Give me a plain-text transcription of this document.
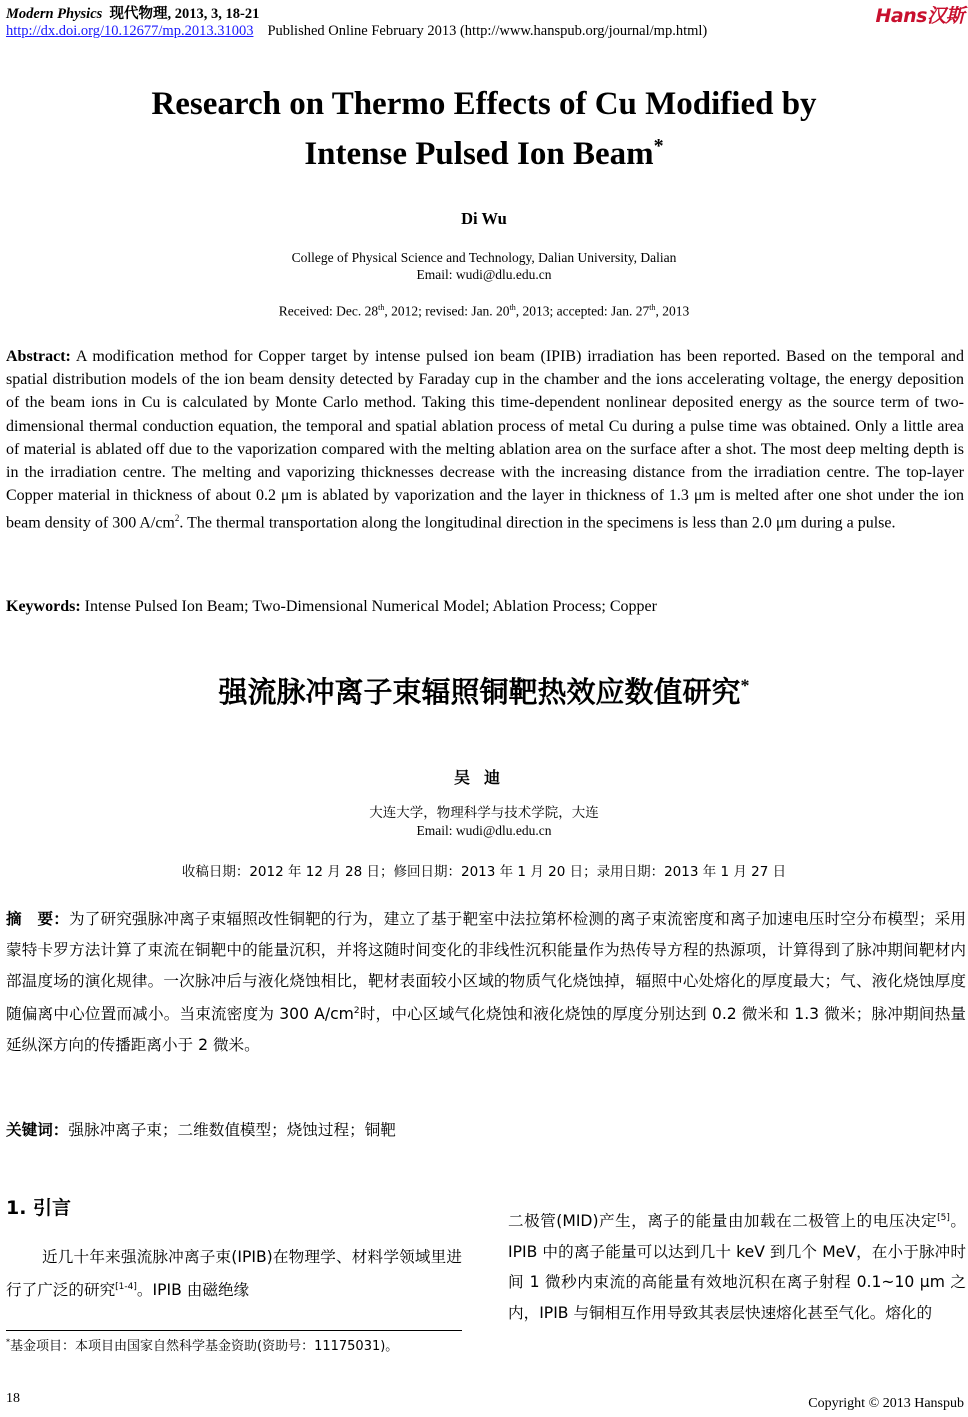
Modern Physics 现代物理, 2013, 3, 18-21	Hans汉斯
http://dx.doi.org/10.12677/mp.2013.31003 Published Online February 2013 (http://www.hanspub.org/journal/mp.html)
Research on Thermo Effects of Cu Modified by
Intense Pulsed Ion Beam*
Di Wu
College of Physical Science and Technology, Dalian University, Dalian
Email: wudi@dlu.edu.cn
Received: Dec. 28th, 2012; revised: Jan. 20th, 2013; accepted: Jan. 27th, 2013
Abstract: A modification method for Copper target by intense pulsed ion beam (IPIB) irradiation has been reported. Based on the temporal and spatial distribution models of the ion beam density detected by Faraday cup in the chamber and the ions accelerating voltage, the energy deposition of the beam ions in Cu is calculated by Monte Carlo method. Taking this time-dependent nonlinear deposited energy as the source term of two-dimensional thermal conduction equation, the temporal and spatial ablation process of metal Cu during a pulse time was obtained. Only a little area of material is ablated off due to the vaporization compared with the melting ablation area on the surface after a shot. The most deep melting depth is in the irradiation centre. The melting and vaporizing thicknesses decrease with the increasing distance from the irradiation centre. The top-layer Copper material in thickness of about 0.2 μm is ablated by vaporization and the layer in thickness of 1.3 μm is melted after one shot under the ion beam density of 300 $A/cm^2$. The thermal transportation along the longitudinal direction in the specimens is less than 2.0 μm during a pulse.
Keywords: Intense Pulsed Ion Beam; Two-Dimensional Numerical Model; Ablation Process; Copper
强流脉冲离子束辐照铜靶热效应数值研究*
吴迪
大连大学，物理科学与技术学院，大连
Email: wudi@dlu.edu.cn
收稿日期：2012 年 12 月 28 日；修回日期：2013 年 1 月 20 日；录用日期：2013 年 1 月 27 日
摘　要：为了研究强脉冲离子束辐照改性铜靶的行为，建立了基于靶室中法拉第杯检测的离子束流密度和离子加速电压时空分布模型；采用蒙特卡罗方法计算了束流在铜靶中的能量沉积，并将这随时间变化的非线性沉积能量作为热传导方程的热源项，计算得到了脉冲期间靶材内部温度场的演化规律。一次脉冲后与液化烧蚀相比，靶材表面较小区域的物质气化烧蚀掉，辐照中心处熔化的厚度最大；气、液化烧蚀厚度随偏离中心位置而减小。当束流密度为 300 $A/cm^2$时，中心区域气化烧蚀和液化烧蚀的厚度分别达到 0.2 微米和 1.3 微米；脉冲期间热量延纵深方向的传播距离小于 2 微米。
关键词：强脉冲离子束；二维数值模型；烧蚀过程；铜靶
1. 引言
近几十年来强流脉冲离子束(IPIB)在物理学、材料学领域里进行了广泛的研究[1-4]。IPIB 由磁绝缘
二极管(MID)产生，离子的能量由加载在二极管上的电压决定[5]。IPIB 中的离子能量可以达到几十 keV 到几个 MeV，在小于脉冲时间 1 微秒内束流的高能量有效地沉积在离子射程 0.1~10 μm 之内，IPIB 与铜相互作用导致其表层快速熔化甚至气化。熔化的
*基金项目：本项目由国家自然科学基金资助(资助号：11175031)。
18	Copyright © 2013 Hanspub
